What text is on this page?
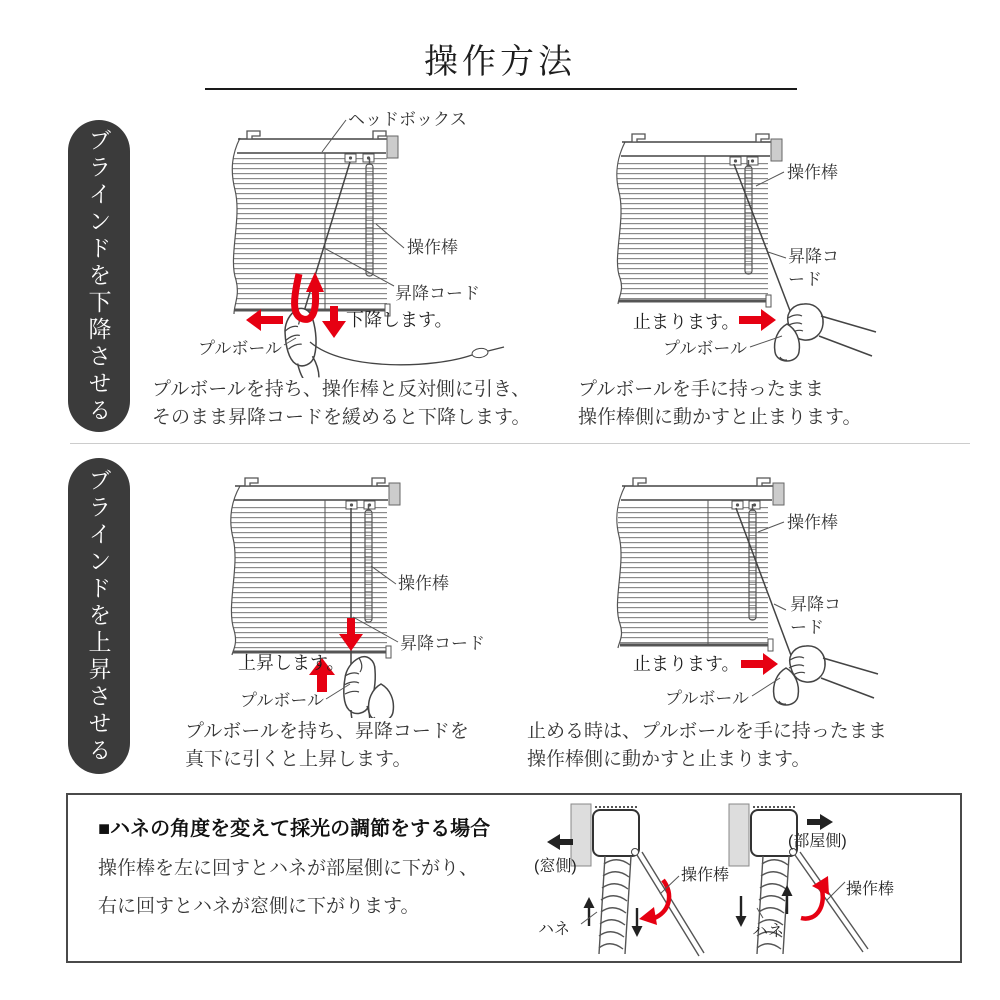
操作方法
ブラインドを下降させる
ヘッドボックス
操作棒
昇降コード
下降します。
プルボール
プルボールを持ち、操作棒と反対側に引き、
そのまま昇降コードを緩めると下降します。
操作棒
昇降コード
止まります。
プルボール
プルボールを手に持ったまま
操作棒側に動かすと止まります。
ブラインドを上昇させる	操作棒
昇降コード
上昇します。
プルボール
プルボールを持ち、昇降コードを
真下に引くと上昇します。
操作棒
昇降コード
止まります。
プルボール
止める時は、プルボールを手に持ったまま
操作棒側に動かすと止まります。
■ハネの角度を変えて採光の調節をする場合
操作棒を左に回すとハネが部屋側に下がり、
右に回すとハネが窓側に下がります。
(窓側)
操作棒
ハネ
(部屋側)
操作棒
ハネ
